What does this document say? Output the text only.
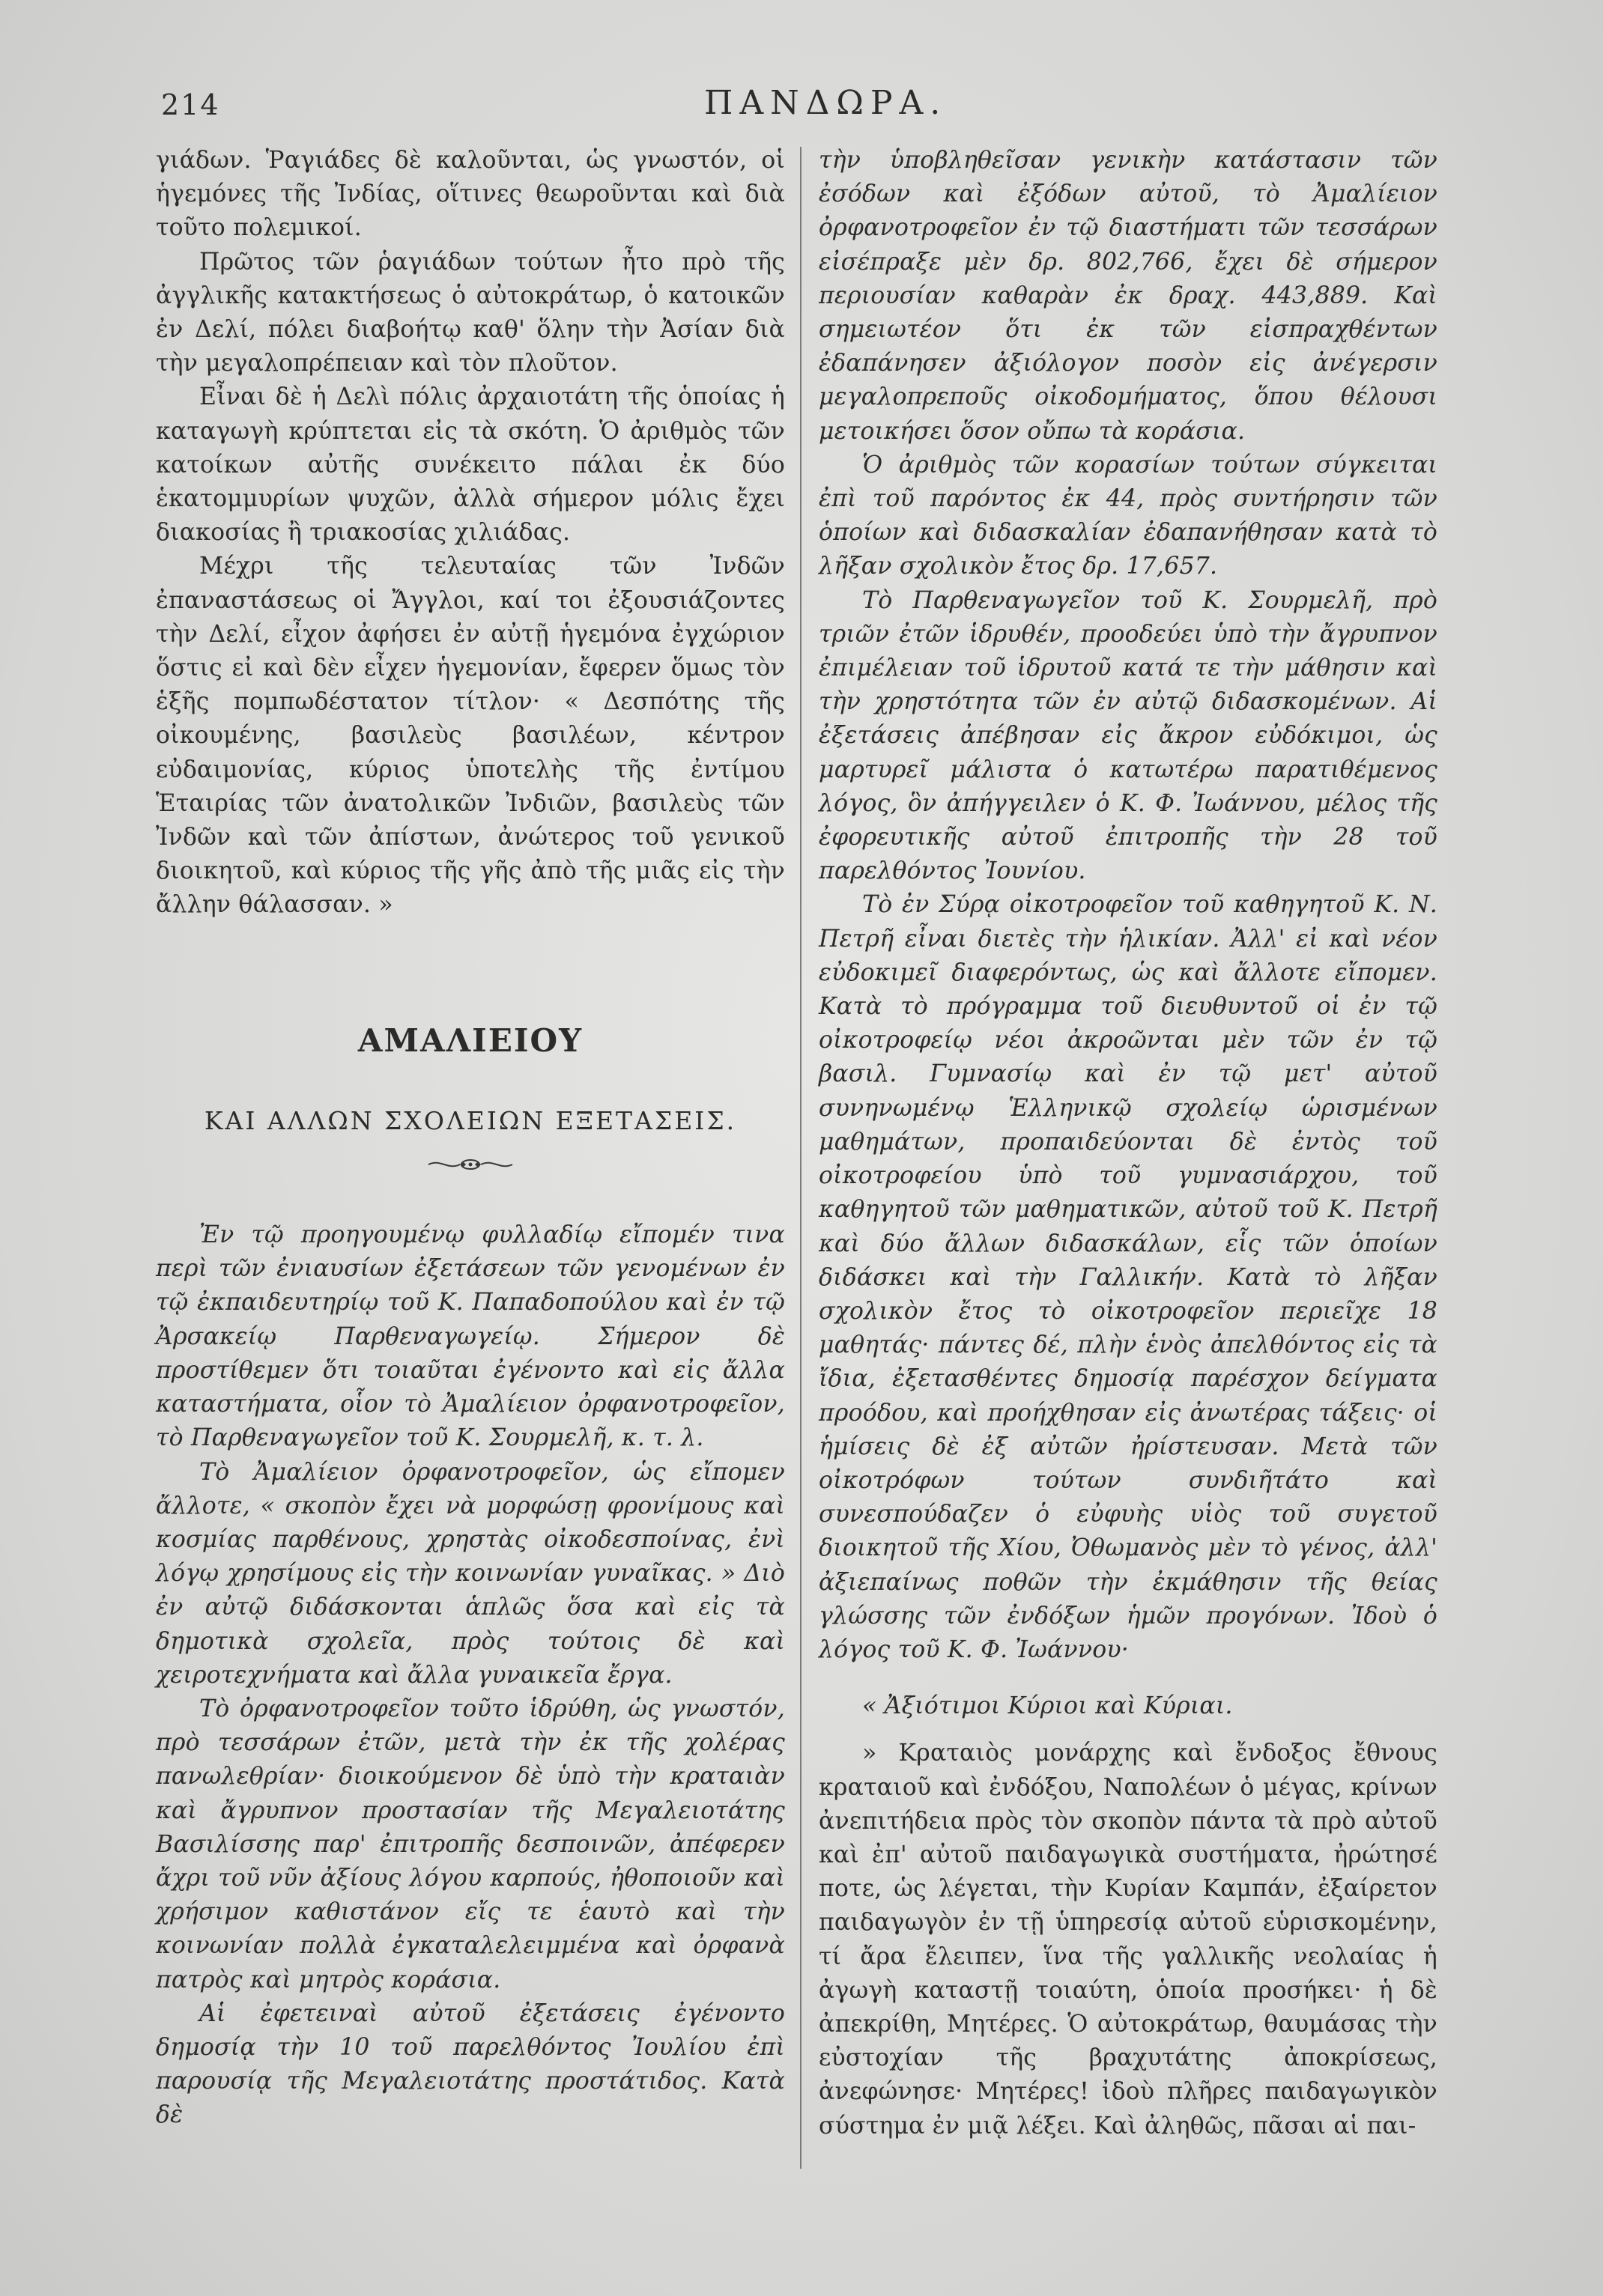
214	ΠΑΝΔΩΡΑ.

γιάδων. Ῥαγιάδες δὲ καλοῦνται, ὡς γνωστόν, οἱ ἡγεμόνες τῆς Ἰνδίας, οἵτινες θεωροῦνται καὶ διὰ τοῦτο πολεμικοί.

Πρῶτος τῶν ῥαγιάδων τούτων ἦτο πρὸ τῆς ἀγγλικῆς κατακτήσεως ὁ αὐτοκράτωρ, ὁ κατοικῶν ἐν Δελί, πόλει διαβοήτῳ καθ' ὅλην τὴν Ἀσίαν διὰ τὴν μεγαλοπρέπειαν καὶ τὸν πλοῦτον.

Εἶναι δὲ ἡ Δελὶ πόλις ἀρχαιοτάτη τῆς ὁποίας ἡ καταγωγὴ κρύπτεται εἰς τὰ σκότη. Ὁ ἀριθμὸς τῶν κατοίκων αὐτῆς συνέκειτο πάλαι ἐκ δύο ἑκατομμυρίων ψυχῶν, ἀλλὰ σήμερον μόλις ἔχει διακοσίας ἢ τριακοσίας χιλιάδας.

Μέχρι τῆς τελευταίας τῶν Ἰνδῶν ἐπαναστάσεως οἱ Ἄγγλοι, καί τοι ἐξουσιάζοντες τὴν Δελί, εἶχον ἀφήσει ἐν αὐτῇ ἡγεμόνα ἐγχώριον ὅστις εἰ καὶ δὲν εἶχεν ἡγεμονίαν, ἔφερεν ὅμως τὸν ἑξῆς πομπωδέστατον τίτλον· « Δεσπότης τῆς οἰκουμένης, βασιλεὺς βασιλέων, κέντρον εὐδαιμονίας, κύριος ὑποτελὴς τῆς ἐντίμου Ἑταιρίας τῶν ἀνατολικῶν Ἰνδιῶν, βασιλεὺς τῶν Ἰνδῶν καὶ τῶν ἀπίστων, ἀνώτερος τοῦ γενικοῦ διοικητοῦ, καὶ κύριος τῆς γῆς ἀπὸ τῆς μιᾶς εἰς τὴν ἄλλην θάλασσαν. »

ΑΜΑΛΙΕΙΟΥ
ΚΑΙ ΑΛΛΩΝ ΣΧΟΛΕΙΩΝ ΕΞΕΤΑΣΕΙΣ.

Ἐν τῷ προηγουμένῳ φυλλαδίῳ εἴπομέν τινα περὶ τῶν ἐνιαυσίων ἐξετάσεων τῶν γενομένων ἐν τῷ ἐκπαιδευτηρίῳ τοῦ Κ. Παπαδοπούλου καὶ ἐν τῷ Ἀρσακείῳ Παρθεναγωγείῳ. Σήμερον δὲ προστίθεμεν ὅτι τοιαῦται ἐγένοντο καὶ εἰς ἄλλα καταστήματα, οἷον τὸ Ἀμαλίειον ὀρφανοτροφεῖον, τὸ Παρθεναγωγεῖον τοῦ Κ. Σουρμελῆ, κ. τ. λ.

Τὸ Ἀμαλίειον ὀρφανοτροφεῖον, ὡς εἴπομεν ἄλλοτε, « σκοπὸν ἔχει νὰ μορφώσῃ φρονίμους καὶ κοσμίας παρθένους, χρηστὰς οἰκοδεσποίνας, ἐνὶ λόγῳ χρησίμους εἰς τὴν κοινωνίαν γυναῖκας. » Διὸ ἐν αὐτῷ διδάσκονται ἁπλῶς ὅσα καὶ εἰς τὰ δημοτικὰ σχολεῖα, πρὸς τούτοις δὲ καὶ χειροτεχνήματα καὶ ἄλλα γυναικεῖα ἔργα.

Τὸ ὀρφανοτροφεῖον τοῦτο ἱδρύθη, ὡς γνωστόν, πρὸ τεσσάρων ἐτῶν, μετὰ τὴν ἐκ τῆς χολέρας πανωλεθρίαν· διοικούμενον δὲ ὑπὸ τὴν κραταιὰν καὶ ἄγρυπνον προστασίαν τῆς Μεγαλειοτάτης Βασιλίσσης παρ' ἐπιτροπῆς δεσποινῶν, ἀπέφερεν ἄχρι τοῦ νῦν ἀξίους λόγου καρπούς, ἠθοποιοῦν καὶ χρήσιμον καθιστάνον εἴς τε ἑαυτὸ καὶ τὴν κοινωνίαν πολλὰ ἐγκαταλελειμμένα καὶ ὀρφανὰ πατρὸς καὶ μητρὸς κοράσια.

Αἱ ἐφετειναὶ αὐτοῦ ἐξετάσεις ἐγένοντο δημοσίᾳ τὴν 10 τοῦ παρελθόντος Ἰουλίου ἐπὶ παρουσίᾳ τῆς Μεγαλειοτάτης προστάτιδος. Κατὰ δὲ

τὴν ὑποβληθεῖσαν γενικὴν κατάστασιν τῶν ἐσόδων καὶ ἐξόδων αὐτοῦ, τὸ Ἀμαλίειον ὀρφανοτροφεῖον ἐν τῷ διαστήματι τῶν τεσσάρων εἰσέπραξε μὲν δρ. 802,766, ἔχει δὲ σήμερον περιουσίαν καθαρὰν ἐκ δραχ. 443,889. Καὶ σημειωτέον ὅτι ἐκ τῶν εἰσπραχθέντων ἐδαπάνησεν ἀξιόλογον ποσὸν εἰς ἀνέγερσιν μεγαλοπρεποῦς οἰκοδομήματος, ὅπου θέλουσι μετοικήσει ὅσον οὔπω τὰ κοράσια.

Ὁ ἀριθμὸς τῶν κορασίων τούτων σύγκειται ἐπὶ τοῦ παρόντος ἐκ 44, πρὸς συντήρησιν τῶν ὁποίων καὶ διδασκαλίαν ἐδαπανήθησαν κατὰ τὸ λῆξαν σχολικὸν ἔτος δρ. 17,657.

Τὸ Παρθεναγωγεῖον τοῦ Κ. Σουρμελῆ, πρὸ τριῶν ἐτῶν ἱδρυθέν, προοδεύει ὑπὸ τὴν ἄγρυπνον ἐπιμέλειαν τοῦ ἱδρυτοῦ κατά τε τὴν μάθησιν καὶ τὴν χρηστότητα τῶν ἐν αὐτῷ διδασκομένων. Αἱ ἐξετάσεις ἀπέβησαν εἰς ἄκρον εὐδόκιμοι, ὡς μαρτυρεῖ μάλιστα ὁ κατωτέρω παρατιθέμενος λόγος, ὃν ἀπήγγειλεν ὁ Κ. Φ. Ἰωάννου, μέλος τῆς ἐφορευτικῆς αὐτοῦ ἐπιτροπῆς τὴν 28 τοῦ παρελθόντος Ἰουνίου.

Τὸ ἐν Σύρᾳ οἰκοτροφεῖον τοῦ καθηγητοῦ Κ. Ν. Πετρῆ εἶναι διετὲς τὴν ἡλικίαν. Ἀλλ' εἰ καὶ νέον εὐδοκιμεῖ διαφερόντως, ὡς καὶ ἄλλοτε εἴπομεν. Κατὰ τὸ πρόγραμμα τοῦ διευθυντοῦ οἱ ἐν τῷ οἰκοτροφείῳ νέοι ἀκροῶνται μὲν τῶν ἐν τῷ βασιλ. Γυμνασίῳ καὶ ἐν τῷ μετ' αὐτοῦ συνηνωμένῳ Ἑλληνικῷ σχολείῳ ὡρισμένων μαθημάτων, προπαιδεύονται δὲ ἐντὸς τοῦ οἰκοτροφείου ὑπὸ τοῦ γυμνασιάρχου, τοῦ καθηγητοῦ τῶν μαθηματικῶν, αὐτοῦ τοῦ Κ. Πετρῆ καὶ δύο ἄλλων διδασκάλων, εἷς τῶν ὁποίων διδάσκει καὶ τὴν Γαλλικήν. Κατὰ τὸ λῆξαν σχολικὸν ἔτος τὸ οἰκοτροφεῖον περιεῖχε 18 μαθητάς· πάντες δέ, πλὴν ἑνὸς ἀπελθόντος εἰς τὰ ἴδια, ἐξετασθέντες δημοσίᾳ παρέσχον δείγματα προόδου, καὶ προήχθησαν εἰς ἀνωτέρας τάξεις· οἱ ἡμίσεις δὲ ἐξ αὐτῶν ἠρίστευσαν. Μετὰ τῶν οἰκοτρόφων τούτων συνδιῆτάτο καὶ συνεσπούδαζεν ὁ εὐφυὴς υἱὸς τοῦ συγετοῦ διοικητοῦ τῆς Χίου, Ὀθωμανὸς μὲν τὸ γένος, ἀλλ' ἀξιεπαίνως ποθῶν τὴν ἐκμάθησιν τῆς θείας γλώσσης τῶν ἐνδόξων ἡμῶν προγόνων. Ἰδοὺ ὁ λόγος τοῦ Κ. Φ. Ἰωάννου·

« Ἀξιότιμοι Κύριοι καὶ Κύριαι.

» Κραταιὸς μονάρχης καὶ ἔνδοξος ἔθνους κραταιοῦ καὶ ἐνδόξου, Ναπολέων ὁ μέγας, κρίνων ἀνεπιτήδεια πρὸς τὸν σκοπὸν πάντα τὰ πρὸ αὐτοῦ καὶ ἐπ' αὐτοῦ παιδαγωγικὰ συστήματα, ἠρώτησέ ποτε, ὡς λέγεται, τὴν Κυρίαν Καμπάν, ἐξαίρετον παιδαγωγὸν ἐν τῇ ὑπηρεσίᾳ αὐτοῦ εὑρισκομένην, τί ἄρα ἔλειπεν, ἵνα τῆς γαλλικῆς νεολαίας ἡ ἀγωγὴ καταστῇ τοιαύτη, ὁποία προσήκει· ἡ δὲ ἀπεκρίθη, Μητέρες. Ὁ αὐτοκράτωρ, θαυμάσας τὴν εὐστοχίαν τῆς βραχυτάτης ἀποκρίσεως, ἀνεφώνησε· Μητέρες! ἰδοὺ πλῆρες παιδαγωγικὸν σύστημα ἐν μιᾷ λέξει. Καὶ ἀληθῶς, πᾶσαι αἱ παι-
